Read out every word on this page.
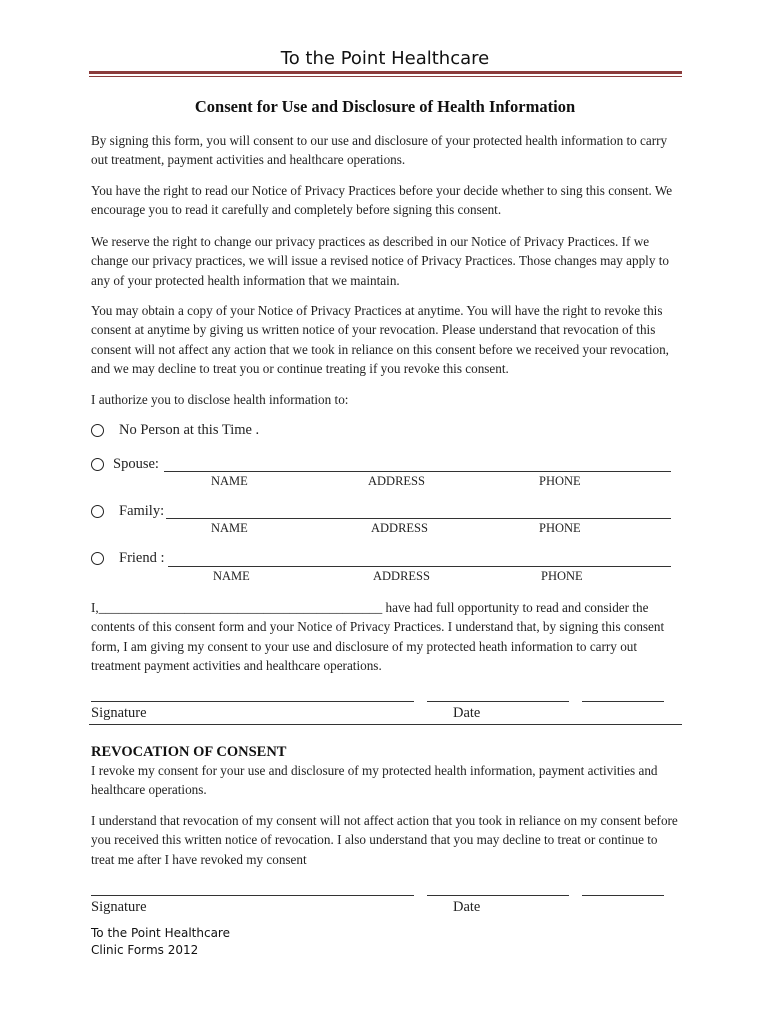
To the Point Healthcare
Consent for Use and Disclosure of Health Information
By signing this form, you will consent to our use and disclosure of your protected health information to carry out treatment, payment activities and healthcare operations.
You have the right to read our Notice of Privacy Practices before your decide whether to sing this consent. We encourage you to read it carefully and completely before signing this consent.
We reserve the right to change our privacy practices as described in our Notice of Privacy Practices. If we change our privacy practices, we will issue a revised notice of Privacy Practices. Those changes may apply to any of your protected health information that we maintain.
You may obtain a copy of your Notice of Privacy Practices at anytime. You will have the right to revoke this consent at anytime by giving us written notice of your revocation. Please understand that revocation of this consent will not affect any action that we took in reliance on this consent before we received your revocation, and we may decline to treat you or continue treating if you revoke this consent.
I authorize you to disclose health information to:
No Person at this Time .
Spouse:
NAME	ADDRESS	PHONE
Family:
NAME	ADDRESS	PHONE
Friend :
NAME	ADDRESS	PHONE
I,___________________________________________ have had full opportunity to read and consider the contents of this consent form and your Notice of Privacy Practices. I understand that, by signing this consent form, I am giving my consent to your use and disclosure of my protected heath information to carry out treatment payment activities and healthcare operations.
Signature	Date
REVOCATION OF CONSENT
I revoke my consent for your use and disclosure of my protected health information, payment activities and healthcare operations.
I understand that revocation of my consent will not affect action that you took in reliance on my consent before you received this written notice of revocation. I also understand that you may decline to treat or continue to treat me after I have revoked my consent
Signature	Date
To the Point Healthcare
Clinic Forms 2012
